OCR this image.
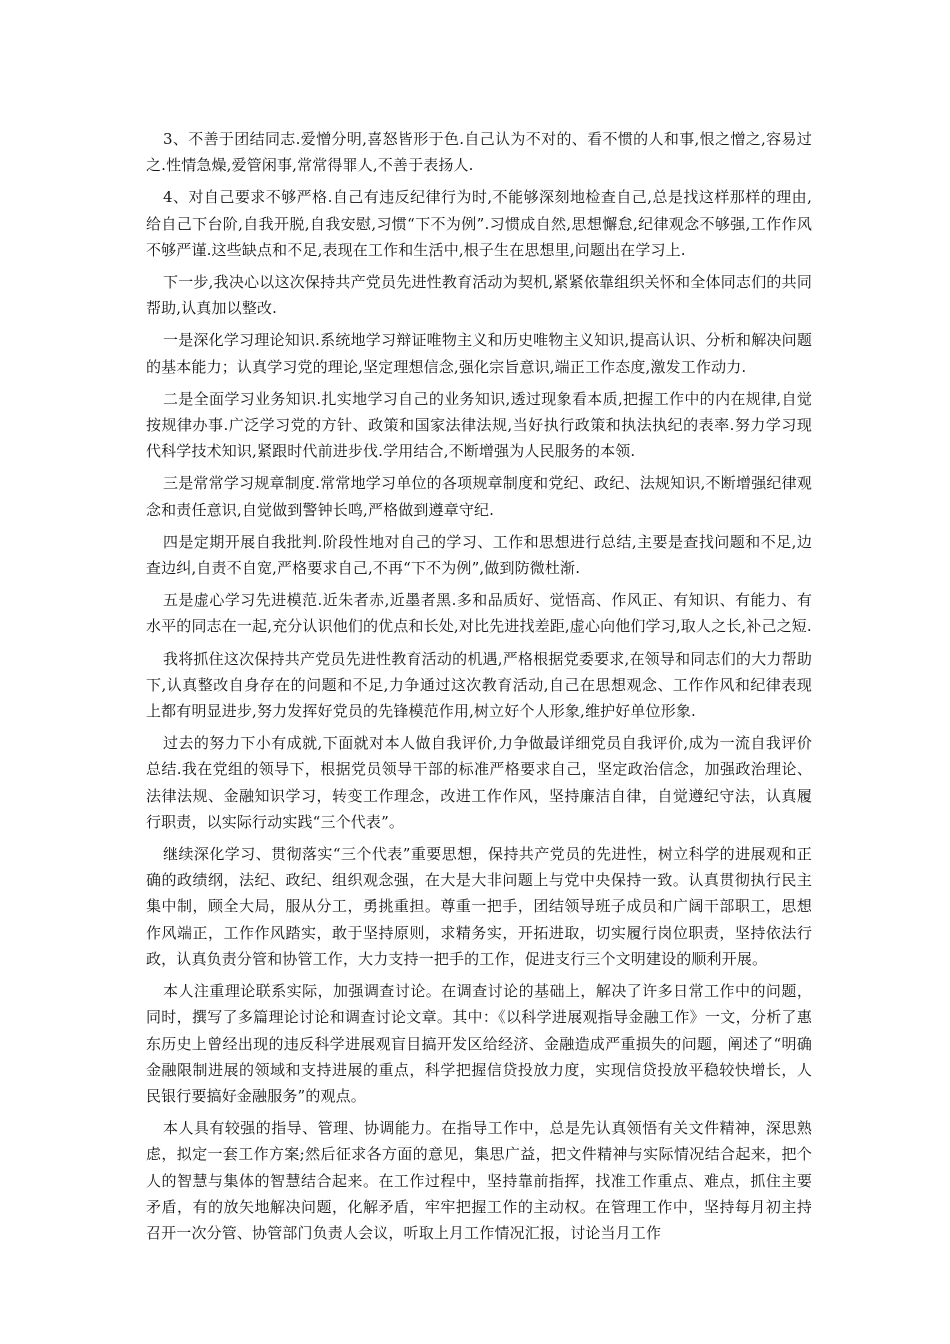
3、不善于团结同志.爱憎分明,喜怒皆形于色.自己认为不对的、看不惯的人和事,恨之憎之,容易过之.性情急燥,爱管闲事,常常得罪人,不善于表扬人.

4、对自己要求不够严格.自己有违反纪律行为时,不能够深刻地检查自己,总是找这样那样的理由,给自己下台阶,自我开脱,自我安慰,习惯“下不为例”.习惯成自然,思想懈怠,纪律观念不够强,工作作风不够严谨.这些缺点和不足,表现在工作和生活中,根子生在思想里,问题出在学习上.

下一步,我决心以这次保持共产党员先进性教育活动为契机,紧紧依靠组织关怀和全体同志们的共同帮助,认真加以整改.

一是深化学习理论知识.系统地学习辩证唯物主义和历史唯物主义知识,提高认识、分析和解决问题的基本能力；认真学习党的理论,坚定理想信念,强化宗旨意识,端正工作态度,激发工作动力.

二是全面学习业务知识.扎实地学习自己的业务知识,透过现象看本质,把握工作中的内在规律,自觉按规律办事.广泛学习党的方针、政策和国家法律法规,当好执行政策和执法执纪的表率.努力学习现代科学技术知识,紧跟时代前进步伐.学用结合,不断增强为人民服务的本领.

三是常常学习规章制度.常常地学习单位的各项规章制度和党纪、政纪、法规知识,不断增强纪律观念和责任意识,自觉做到警钟长鸣,严格做到遵章守纪.

四是定期开展自我批判.阶段性地对自己的学习、工作和思想进行总结,主要是查找问题和不足,边查边纠,自责不自宽,严格要求自己,不再“下不为例”,做到防微杜渐.

五是虚心学习先进模范.近朱者赤,近墨者黑.多和品质好、觉悟高、作风正、有知识、有能力、有水平的同志在一起,充分认识他们的优点和长处,对比先进找差距,虚心向他们学习,取人之长,补己之短.

我将抓住这次保持共产党员先进性教育活动的机遇,严格根据党委要求,在领导和同志们的大力帮助下,认真整改自身存在的问题和不足,力争通过这次教育活动,自己在思想观念、工作作风和纪律表现上都有明显进步,努力发挥好党员的先锋模范作用,树立好个人形象,维护好单位形象.

过去的努力下小有成就,下面就对本人做自我评价,力争做最详细党员自我评价,成为一流自我评价总结.我在党组的领导下，根据党员领导干部的标准严格要求自己，坚定政治信念，加强政治理论、法律法规、金融知识学习，转变工作理念，改进工作作风，坚持廉洁自律，自觉遵纪守法，认真履行职责，以实际行动实践“三个代表”。

继续深化学习、贯彻落实“三个代表”重要思想，保持共产党员的先进性，树立科学的进展观和正确的政绩纲，法纪、政纪、组织观念强，在大是大非问题上与党中央保持一致。认真贯彻执行民主集中制，顾全大局，服从分工，勇挑重担。尊重一把手，团结领导班子成员和广阔干部职工，思想作风端正，工作作风踏实，敢于坚持原则，求精务实，开拓进取，切实履行岗位职责，坚持依法行政，认真负责分管和协管工作，大力支持一把手的工作，促进支行三个文明建设的顺利开展。

本人注重理论联系实际，加强调查讨论。在调查讨论的基础上，解决了许多日常工作中的问题，同时，撰写了多篇理论讨论和调查讨论文章。其中：《以科学进展观指导金融工作》一文，分析了惠东历史上曾经出现的违反科学进展观盲目搞开发区给经济、金融造成严重损失的问题，阐述了“明确金融限制进展的领域和支持进展的重点，科学把握信贷投放力度，实现信贷投放平稳较快增长，人民银行要搞好金融服务”的观点。

本人具有较强的指导、管理、协调能力。在指导工作中，总是先认真领悟有关文件精神，深思熟虑，拟定一套工作方案;然后征求各方面的意见，集思广益，把文件精神与实际情况结合起来，把个人的智慧与集体的智慧结合起来。在工作过程中，坚持靠前指挥，找准工作重点、难点，抓住主要矛盾，有的放矢地解决问题，化解矛盾，牢牢把握工作的主动权。在管理工作中，坚持每月初主持召开一次分管、协管部门负责人会议，听取上月工作情况汇报，讨论当月工作
